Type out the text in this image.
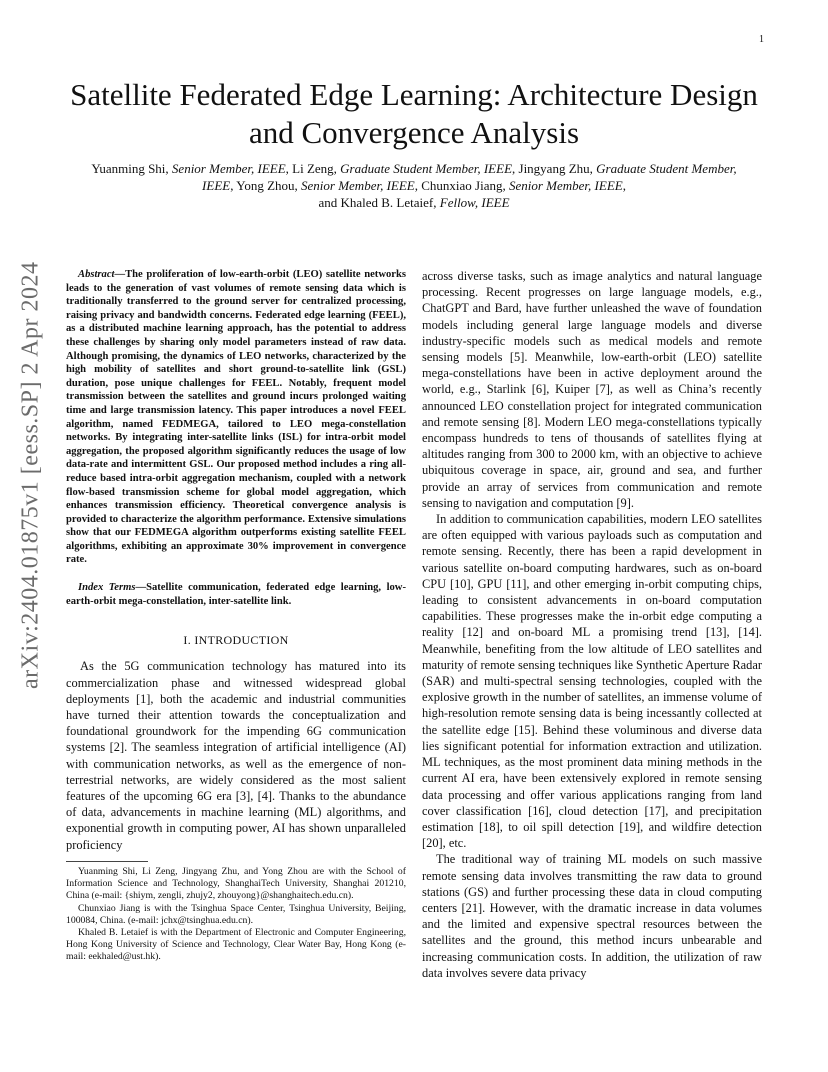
1
arXiv:2404.01875v1 [eess.SP] 2 Apr 2024
Satellite Federated Edge Learning: Architecture Design and Convergence Analysis
Yuanming Shi, Senior Member, IEEE, Li Zeng, Graduate Student Member, IEEE, Jingyang Zhu, Graduate Student Member, IEEE, Yong Zhou, Senior Member, IEEE, Chunxiao Jiang, Senior Member, IEEE,
and Khaled B. Letaief, Fellow, IEEE

Abstract—The proliferation of low-earth-orbit (LEO) satellite networks leads to the generation of vast volumes of remote sensing data which is traditionally transferred to the ground server for centralized processing, raising privacy and bandwidth concerns. Federated edge learning (FEEL), as a distributed machine learning approach, has the potential to address these challenges by sharing only model parameters instead of raw data. Although promising, the dynamics of LEO networks, characterized by the high mobility of satellites and short ground-to-satellite link (GSL) duration, pose unique challenges for FEEL. Notably, frequent model transmission between the satellites and ground incurs prolonged waiting time and large transmission latency. This paper introduces a novel FEEL algorithm, named FEDMEGA, tailored to LEO mega-constellation networks. By integrating inter-satellite links (ISL) for intra-orbit model aggregation, the proposed algorithm significantly reduces the usage of low data-rate and intermittent GSL. Our proposed method includes a ring all-reduce based intra-orbit aggregation mechanism, coupled with a network flow-based transmission scheme for global model aggregation, which enhances transmission efficiency. Theoretical convergence analysis is provided to characterize the algorithm performance. Extensive simulations show that our FEDMEGA algorithm outperforms existing satellite FEEL algorithms, exhibiting an approximate 30% improvement in convergence rate.

Index Terms—Satellite communication, federated edge learning, low-earth-orbit mega-constellation, inter-satellite link.

I. INTRODUCTION

As the 5G communication technology has matured into its commercialization phase and witnessed widespread global deployments [1], both the academic and industrial communities have turned their attention towards the conceptualization and foundational groundwork for the impending 6G communication systems [2]. The seamless integration of artificial intelligence (AI) with communication networks, as well as the emergence of non-terrestrial networks, are widely considered as the most salient features of the upcoming 6G era [3], [4]. Thanks to the abundance of data, advancements in machine learning (ML) algorithms, and exponential growth in computing power, AI has shown unparalleled proficiency

Yuanming Shi, Li Zeng, Jingyang Zhu, and Yong Zhou are with the School of Information Science and Technology, ShanghaiTech University, Shanghai 201210, China (e-mail: {shiym, zengli, zhujy2, zhouyong}@shanghaitech.edu.cn).

Chunxiao Jiang is with the Tsinghua Space Center, Tsinghua University, Beijing, 100084, China. (e-mail: jchx@tsinghua.edu.cn).

Khaled B. Letaief is with the Department of Electronic and Computer Engineering, Hong Kong University of Science and Technology, Clear Water Bay, Hong Kong (e-mail: eekhaled@ust.hk).

across diverse tasks, such as image analytics and natural language processing. Recent progresses on large language models, e.g., ChatGPT and Bard, have further unleashed the wave of foundation models including general large language models and diverse industry-specific models such as medical models and remote sensing models [5]. Meanwhile, low-earth-orbit (LEO) satellite mega-constellations have been in active deployment around the world, e.g., Starlink [6], Kuiper [7], as well as China’s recently announced LEO constellation project for integrated communication and remote sensing [8]. Modern LEO mega-constellations typically encompass hundreds to tens of thousands of satellites flying at altitudes ranging from 300 to 2000 km, with an objective to achieve ubiquitous coverage in space, air, ground and sea, and further provide an array of services from communication and remote sensing to navigation and computation [9].

In addition to communication capabilities, modern LEO satellites are often equipped with various payloads such as computation and remote sensing. Recently, there has been a rapid development in various satellite on-board computing hardwares, such as on-board CPU [10], GPU [11], and other emerging in-orbit computing chips, leading to consistent advancements in on-board computation capabilities. These progresses make the in-orbit edge computing a reality [12] and on-board ML a promising trend [13], [14]. Meanwhile, benefiting from the low altitude of LEO satellites and maturity of remote sensing techniques like Synthetic Aperture Radar (SAR) and multi-spectral sensing technologies, coupled with the explosive growth in the number of satellites, an immense volume of high-resolution remote sensing data is being incessantly collected at the satellite edge [15]. Behind these voluminous and diverse data lies significant potential for information extraction and utilization. ML techniques, as the most prominent data mining methods in the current AI era, have been extensively explored in remote sensing data processing and offer various applications ranging from land cover classification [16], cloud detection [17], and precipitation estimation [18], to oil spill detection [19], and wildfire detection [20], etc.

The traditional way of training ML models on such massive remote sensing data involves transmitting the raw data to ground stations (GS) and further processing these data in cloud computing centers [21]. However, with the dramatic increase in data volumes and the limited and expensive spectral resources between the satellites and the ground, this method incurs unbearable and increasing communication costs. In addition, the utilization of raw data involves severe data privacy
